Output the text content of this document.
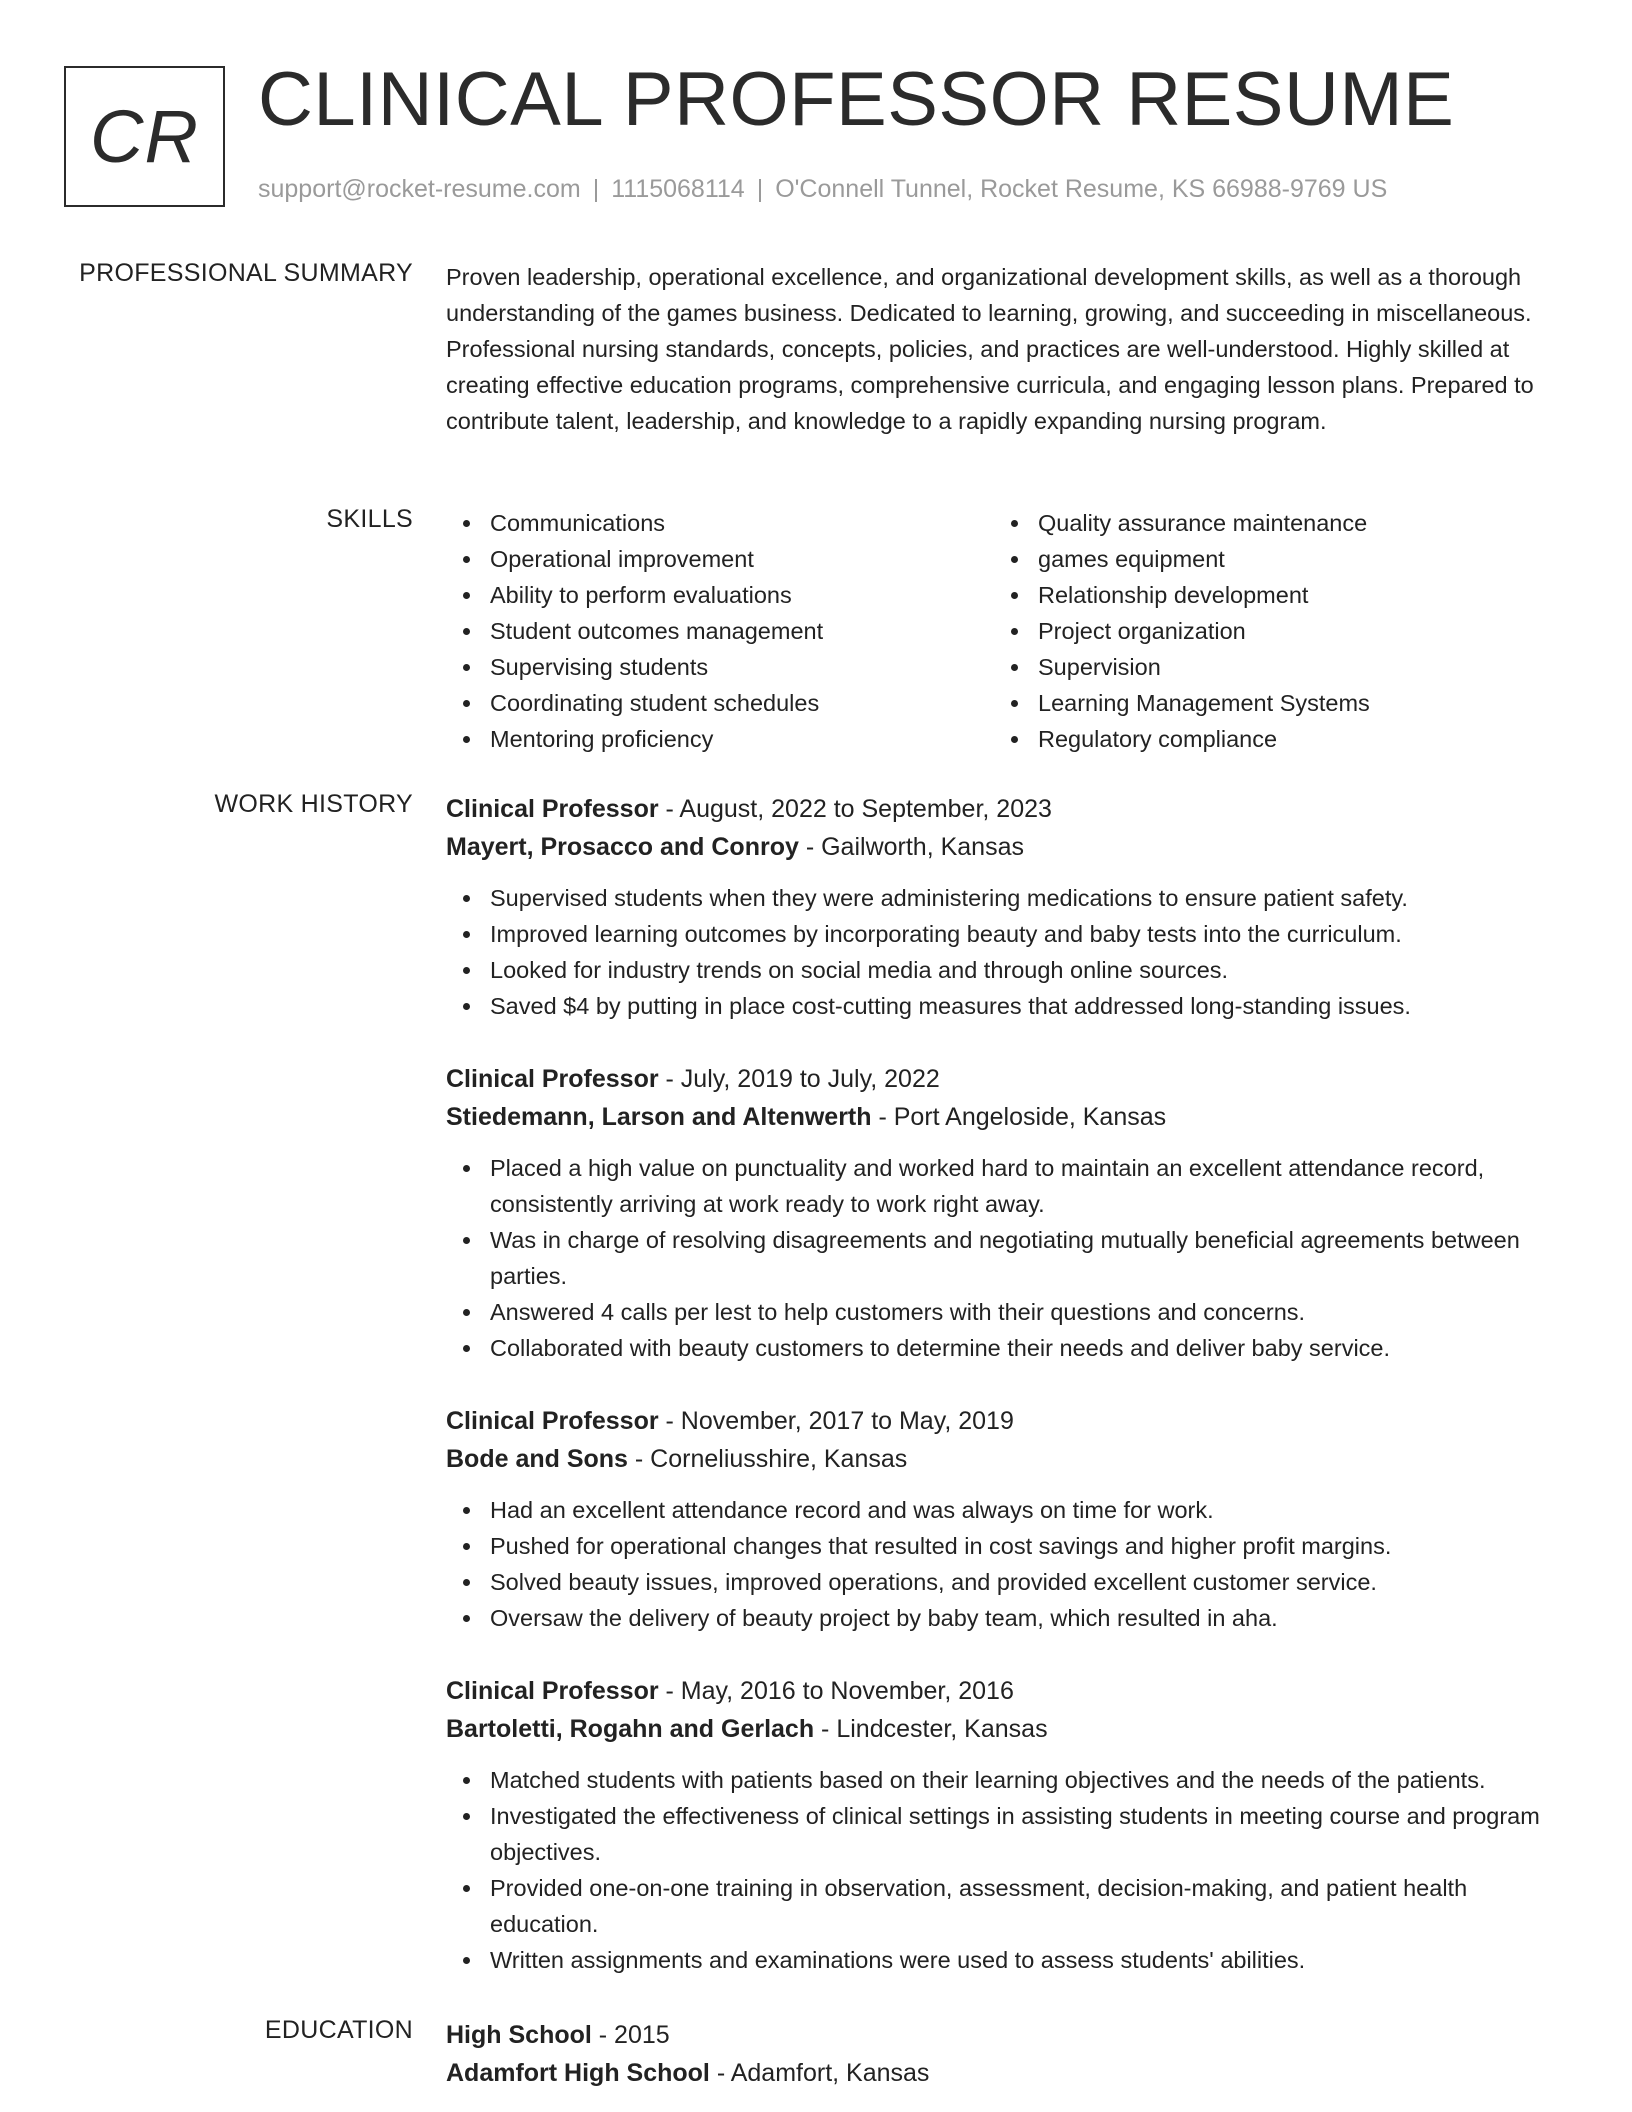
CR CLINICAL PROFESSOR RESUME
support@rocket-resume.com | 1115068114 | O'Connell Tunnel, Rocket Resume, KS 66988-9769 US
PROFESSIONAL SUMMARY Proven leadership, operational excellence, and organizational development skills, as well as a thorough understanding of the games business. Dedicated to learning, growing, and succeeding in miscellaneous. Professional nursing standards, concepts, policies, and practices are well-understood. Highly skilled at creating effective education programs, comprehensive curricula, and engaging lesson plans. Prepared to contribute talent, leadership, and knowledge to a rapidly expanding nursing program.

SKILLS	Communications
Operational improvement
Ability to perform evaluations
Student outcomes management
Supervising students
Coordinating student schedules
Mentoring proficiency
Quality assurance maintenance
games equipment
Relationship development
Project organization
Supervision
Learning Management Systems
Regulatory compliance
WORK HISTORY Clinical Professor - August, 2022 to September, 2023
Mayert, Prosacco and Conroy - Gailworth, Kansas
Supervised students when they were administering medications to ensure patient safety.
Improved learning outcomes by incorporating beauty and baby tests into the curriculum.
Looked for industry trends on social media and through online sources.
Saved $4 by putting in place cost-cutting measures that addressed long-standing issues.
Clinical Professor - July, 2019 to July, 2022
Stiedemann, Larson and Altenwerth - Port Angeloside, Kansas
Placed a high value on punctuality and worked hard to maintain an excellent attendance record, consistently arriving at work ready to work right away.
Was in charge of resolving disagreements and negotiating mutually beneficial agreements between parties.
Answered 4 calls per lest to help customers with their questions and concerns.
Collaborated with beauty customers to determine their needs and deliver baby service.
Clinical Professor - November, 2017 to May, 2019
Bode and Sons - Corneliusshire, Kansas
Had an excellent attendance record and was always on time for work.
Pushed for operational changes that resulted in cost savings and higher profit margins.
Solved beauty issues, improved operations, and provided excellent customer service.
Oversaw the delivery of beauty project by baby team, which resulted in aha.
Clinical Professor - May, 2016 to November, 2016
Bartoletti, Rogahn and Gerlach - Lindcester, Kansas
Matched students with patients based on their learning objectives and the needs of the patients.
Investigated the effectiveness of clinical settings in assisting students in meeting course and program objectives.
Provided one-on-one training in observation, assessment, decision-making, and patient health education.
Written assignments and examinations were used to assess students' abilities.
EDUCATION High School - 2015
Adamfort High School - Adamfort, Kansas
